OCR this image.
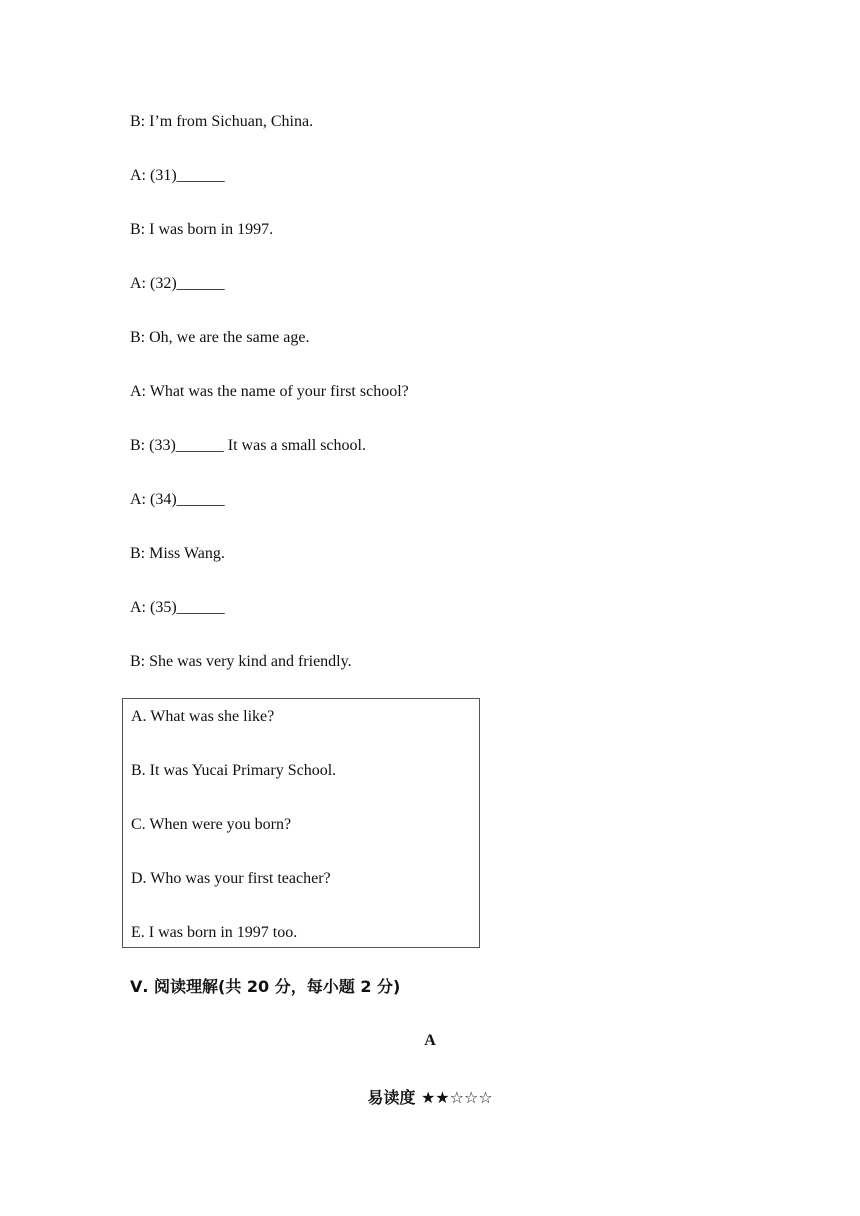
B: I’m from Sichuan, China.
A: (31)______
B: I was born in 1997.
A: (32)______
B: Oh, we are the same age.
A: What was the name of your first school?
B: (33)______ It was a small school.
A: (34)______
B: Miss Wang.
A: (35)______
B: She was very kind and friendly.
A. What was she like?
B. It was Yucai Primary School.
C. When were you born?
D. Who was your first teacher?
E. I was born in 1997 too.
Ⅴ. 阅读理解(共 20 分，每小题 2 分)
A
易读度 ★★☆☆☆
